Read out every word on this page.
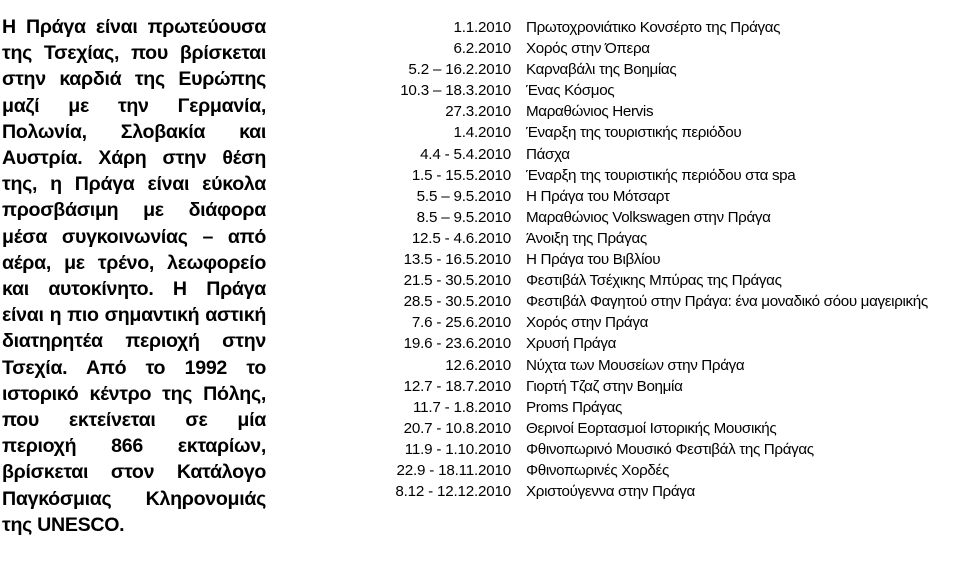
Η Πράγα είναι πρωτεύουσα της Τσεχίας, που βρίσκεται στην καρδιά της Ευρώπης μαζί με την Γερμανία, Πολωνία, Σλοβακία και Αυστρία. Χάρη στην θέση της, η Πράγα είναι εύκολα προσβάσιμη με διάφορα μέσα συγκοινωνίας – από αέρα, με τρένο, λεωφορείο και αυτοκίνητο. Η Πράγα είναι η πιο σημαντική αστική διατηρητέα περιοχή στην Τσεχία. Από το 1992 το ιστορικό κέντρο της Πόλης, που εκτείνεται σε μία περιοχή 866 εκταρίων, βρίσκεται στον Κατάλογο Παγκόσμιας Κληρονομιάς της UNESCO.
1.1.2010	Πρωτοχρονιάτικο Κονσέρτο της Πράγας
6.2.2010	Χορός στην Όπερα
5.2 – 16.2.2010	Καρναβάλι της Βοημίας
10.3 – 18.3.2010	Ένας Κόσμος
27.3.2010	Μαραθώνιος Hervis
1.4.2010	Έναρξη της τουριστικής περιόδου
4.4 - 5.4.2010	Πάσχα
1.5 - 15.5.2010	Έναρξη της τουριστικής περιόδου στα spa
5.5 – 9.5.2010	Η Πράγα του Μότσαρτ
8.5 – 9.5.2010	Μαραθώνιος Volkswagen στην Πράγα
12.5 - 4.6.2010	Άνοιξη της Πράγας
13.5 - 16.5.2010	Η Πράγα του Βιβλίου
21.5 - 30.5.2010	Φεστιβάλ Τσέχικης Μπύρας της Πράγας
28.5 - 30.5.2010	Φεστιβάλ Φαγητού στην Πράγα: ένα μοναδικό σόου μαγειρικής
7.6 - 25.6.2010	Χορός στην Πράγα
19.6 - 23.6.2010	Χρυσή Πράγα
12.6.2010	Νύχτα των Μουσείων στην Πράγα
12.7 - 18.7.2010	Γιορτή Τζαζ στην Βοημία
11.7 - 1.8.2010	Proms Πράγας
20.7 - 10.8.2010	Θερινοί Εορτασμοί Ιστορικής Μουσικής
11.9 - 1.10.2010	Φθινοπωρινό Μουσικό Φεστιβάλ της Πράγας
22.9 - 18.11.2010	Φθινοπωρινές Χορδές
8.12 - 12.12.2010	Χριστούγεννα στην Πράγα
